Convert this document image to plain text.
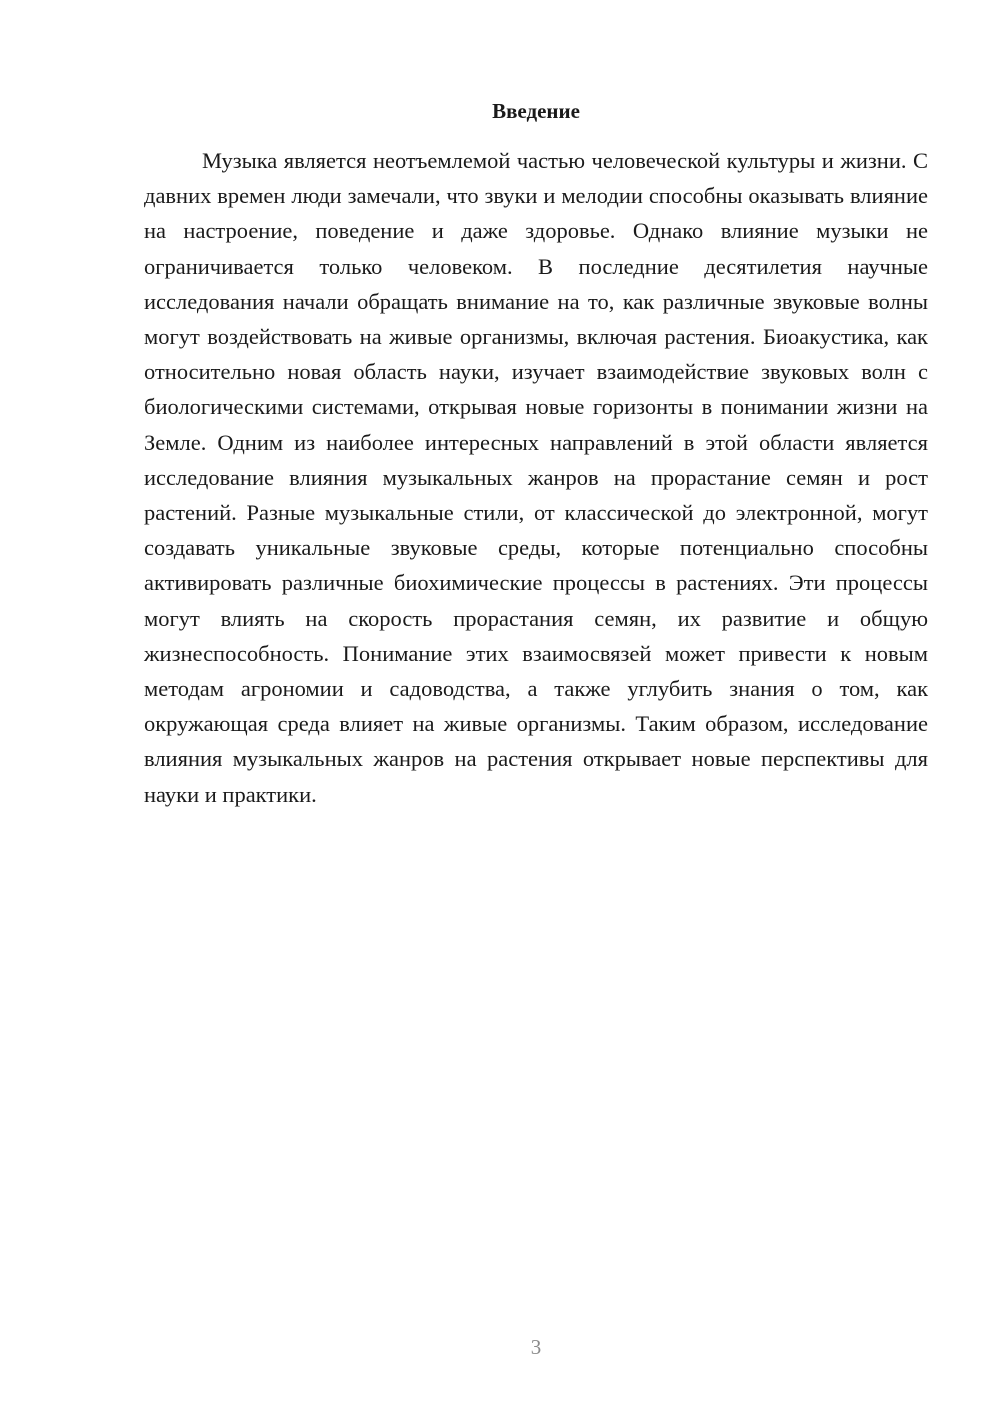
Введение

Музыка является неотъемлемой частью человеческой культуры и жизни. С давних времен люди замечали, что звуки и мелодии способны оказывать влияние на настроение, поведение и даже здоровье. Однако влияние музыки не ограничивается только человеком. В последние десятилетия научные исследования начали обращать внимание на то, как различные звуковые волны могут воздействовать на живые организмы, включая растения. Биоакустика, как относительно новая область науки, изучает взаимодействие звуковых волн с биологическими системами, открывая новые горизонты в понимании жизни на Земле. Одним из наиболее интересных направлений в этой области является исследование влияния музыкальных жанров на прорастание семян и рост растений. Разные музыкальные стили, от классической до электронной, могут создавать уникальные звуковые среды, которые потенциально способны активировать различные биохимические процессы в растениях. Эти процессы могут влиять на скорость прорастания семян, их развитие и общую жизнеспособность. Понимание этих взаимосвязей может привести к новым методам агрономии и садоводства, а также углубить знания о том, как окружающая среда влияет на живые организмы. Таким образом, исследование влияния музыкальных жанров на растения открывает новые перспективы для науки и практики.

3
